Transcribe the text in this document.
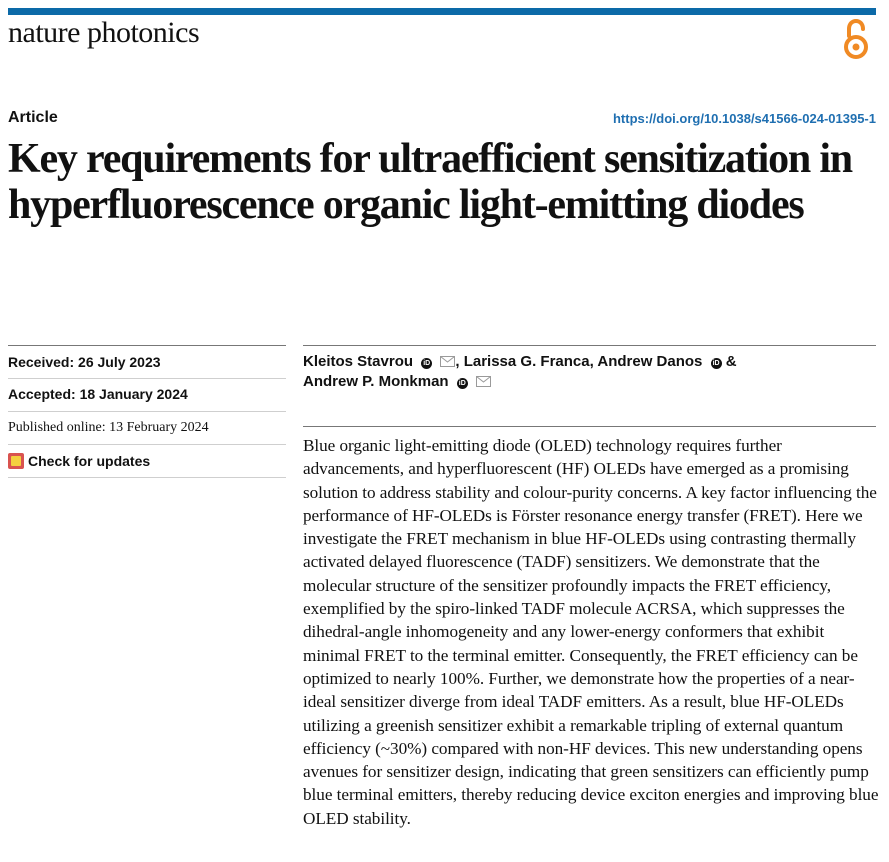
nature photonics
Article	https://doi.org/10.1038/s41566-024-01395-1
Key requirements for ultraefficient sensitization in hyperfluorescence organic light-emitting diodes
Received: 26 July 2023
Accepted: 18 January 2024
Published online: 13 February 2024
Check for updates
Kleitos Stavrou iD , Larissa G. Franca, Andrew Danos iD &
Andrew P. Monkman iD

Blue organic light-emitting diode (OLED) technology requires further advancements, and hyperfluorescent (HF) OLEDs have emerged as a promising solution to address stability and colour-purity concerns. A key factor influencing the performance of HF-OLEDs is Förster resonance energy transfer (FRET). Here we investigate the FRET mechanism in blue HF-OLEDs using contrasting thermally activated delayed fluorescence (TADF) sensitizers. We demonstrate that the molecular structure of the sensitizer profoundly impacts the FRET efficiency, exemplified by the spiro-linked TADF molecule ACRSA, which suppresses the dihedral-angle inhomogeneity and any lower-energy conformers that exhibit minimal FRET to the terminal emitter. Consequently, the FRET efficiency can be optimized to nearly 100%. Further, we demonstrate how the properties of a near-ideal sensitizer diverge from ideal TADF emitters. As a result, blue HF-OLEDs utilizing a greenish sensitizer exhibit a remarkable tripling of external quantum efficiency (~30%) compared with non-HF devices. This new understanding opens avenues for sensitizer design, indicating that green sensitizers can efficiently pump blue terminal emitters, thereby reducing device exciton energies and improving blue OLED stability.
